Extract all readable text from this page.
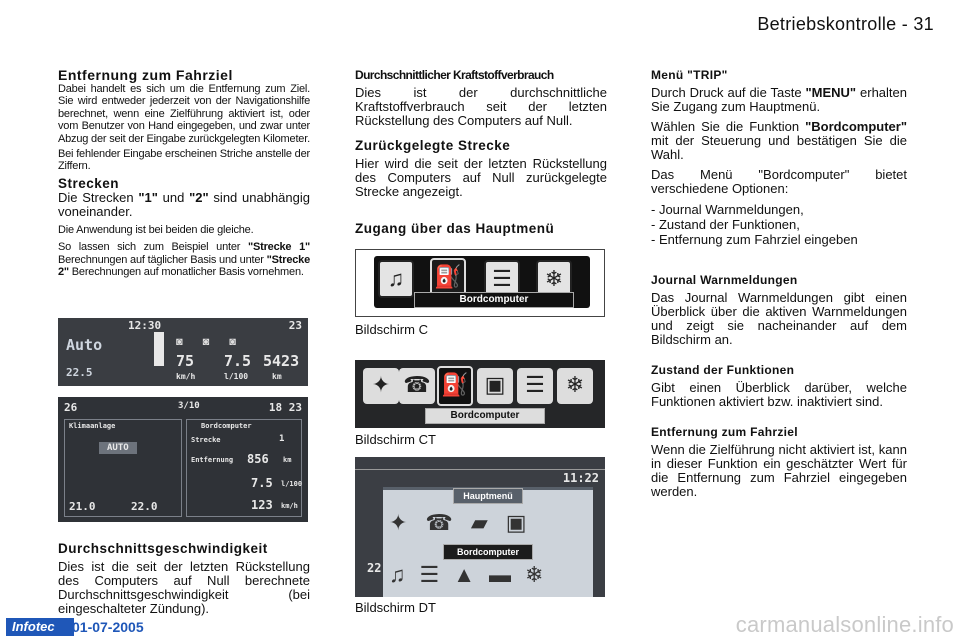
Betriebskontrolle - 31
Entfernung zum Fahrziel

Dabei handelt es sich um die Entfernung zum Ziel. Sie wird entweder jederzeit von der Navigationshilfe berechnet, wenn eine Zielführung aktiviert ist, oder vom Benutzer von Hand eingegeben, und zwar unter Abzug der seit der Eingabe zurückgelegten Kilometer.

Bei fehlender Eingabe erscheinen Striche anstelle der Ziffern.

Strecken

Die Strecken "1" und "2" sind unabhängig voneinander.

Die Anwendung ist bei beiden die gleiche.

So lassen sich zum Beispiel unter "Strecke 1" Berechnungen auf täglicher Basis und unter "Strecke 2" Berechnungen auf monatlicher Basis vornehmen.

12:30	23
Auto
22.5
75
km/h
7.5
l/100
5423
km
◙◙◙
26	3/10	18 23
Klimaanlage
AUTO
21.0	22.0
Bordcomputer
Strecke	1
Entfernung 856 km
7.5 l/100
123 km/h
Durchschnittsgeschwindigkeit

Dies ist die seit der letzten Rückstellung des Computers auf Null berechnete Durchschnittsgeschwindigkeit (bei eingeschalteter Zündung).

Durchschnittlicher Kraftstoffverbrauch

Dies ist der durchschnittliche Kraftstoffverbrauch seit der letzten Rückstellung des Computers auf Null.

Zurückgelegte Strecke

Hier wird die seit der letzten Rückstellung des Computers auf Null zurückgelegte Strecke angezeigt.

Zugang über das Hauptmenü
♫	⛽ ☰	❄
Bordcomputer
Bildschirm C
✦ ☎ ⛽ ▣ ☰ ❄
Bordcomputer
Bildschirm CT
11:22
Hauptmenü
✦☎▰▣
Bordcomputer
♫☰▲▬❄
22
Bildschirm DT
Menü "TRIP"

Durch Druck auf die Taste "MENU" erhalten Sie Zugang zum Hauptmenü.

Wählen Sie die Funktion "Bordcomputer" mit der Steuerung und bestätigen Sie die Wahl.

Das Menü "Bordcomputer" bietet verschiedene Optionen:

- Journal Warnmeldungen,
- Zustand der Funktionen,
- Entfernung zum Fahrziel eingeben
Journal Warnmeldungen

Das Journal Warnmeldungen gibt einen Überblick über die aktiven Warnmeldungen und zeigt sie nacheinander auf dem Bildschirm an.

Zustand der Funktionen

Gibt einen Überblick darüber, welche Funktionen aktiviert bzw. inaktiviert sind.

Entfernung zum Fahrziel

Wenn die Zielführung nicht aktiviert ist, kann in dieser Funktion ein geschätzter Wert für die Entfernung zum Fahrziel eingegeben werden.

Infotec	01-07-2005	carmanualsonline.info
